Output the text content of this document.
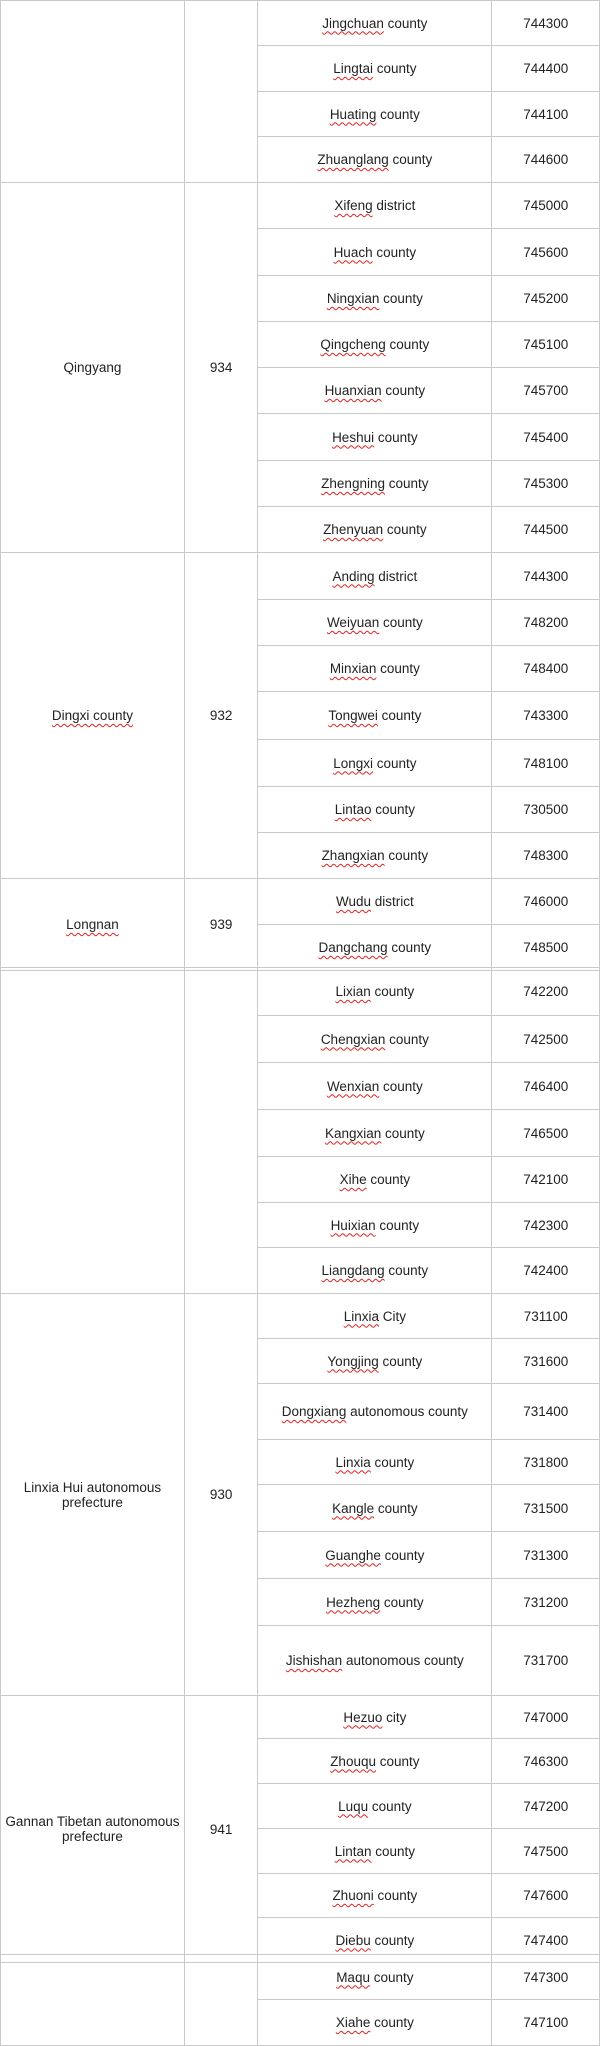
		Jingchuan county	744300
		Lingtai county	744400
		Huating county	744100
		Zhuanglang county	744600
Qingyang	934	Xifeng district	745000
		Huach county	745600
		Ningxian county	745200
		Qingcheng county	745100
		Huanxian county	745700
		Heshui county	745400
		Zhengning county	745300
		Zhenyuan county	744500
Dingxi county	932	Anding district	744300
		Weiyuan county	748200
		Minxian county	748400
		Tongwei county	743300
		Longxi county	748100
		Lintao county	730500
		Zhangxian county	748300
Longnan	939	Wudu district	746000
		Dangchang county	748500
		Lixian county	742200
		Chengxian county	742500
		Wenxian county	746400
		Kangxian county	746500
		Xihe county	742100
		Huixian county	742300
		Liangdang county	742400
Linxia Hui autonomous prefecture	930	Linxia City	731100
		Yongjing county	731600
		Dongxiang autonomous county	731400
		Linxia county	731800
		Kangle county	731500
		Guanghe county	731300
		Hezheng county	731200
		Jishishan autonomous county	731700
Gannan Tibetan autonomous prefecture	941	Hezuo city	747000
		Zhouqu county	746300
		Luqu county	747200
		Lintan county	747500
		Zhuoni county	747600
		Diebu county	747400
		Maqu county	747300
		Xiahe county	747100
